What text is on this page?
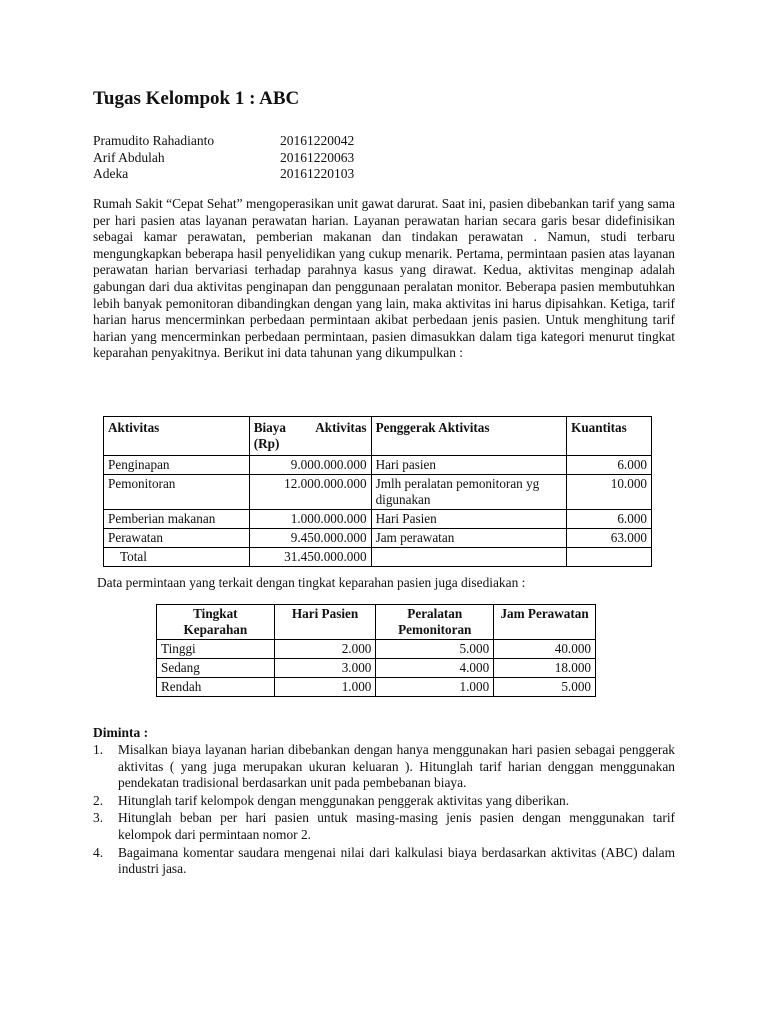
Tugas Kelompok 1 : ABC
Pramudito Rahadianto	20161220042
Arif Abdulah	20161220063
Adeka	20161220103

Rumah Sakit “Cepat Sehat” mengoperasikan unit gawat darurat. Saat ini, pasien dibebankan tarif yang sama per hari pasien atas layanan perawatan harian. Layanan perawatan harian secara garis besar didefinisikan sebagai kamar perawatan, pemberian makanan dan tindakan perawatan . Namun, studi terbaru mengungkapkan beberapa hasil penyelidikan yang cukup menarik. Pertama, permintaan pasien atas layanan perawatan harian bervariasi terhadap parahnya kasus yang dirawat. Kedua, aktivitas menginap adalah gabungan dari dua aktivitas penginapan dan penggunaan peralatan monitor. Beberapa pasien membutuhkan lebih banyak pemonitoran dibandingkan dengan yang lain, maka aktivitas ini harus dipisahkan. Ketiga, tarif harian harus mencerminkan perbedaan permintaan akibat perbedaan jenis pasien. Untuk menghitung tarif harian yang mencerminkan perbedaan permintaan, pasien dimasukkan dalam tiga kategori menurut tingkat keparahan penyakitnya. Berikut ini data tahunan yang dikumpulkan :

Aktivitas	Biaya Aktivitas (Rp)	Penggerak Aktivitas	Kuantitas
Penginapan	9.000.000.000	Hari pasien	6.000
Pemonitoran	12.000.000.000	Jmlh peralatan pemonitoran yg digunakan	10.000
Pemberian makanan	1.000.000.000	Hari Pasien	6.000
Perawatan	9.450.000.000	Jam perawatan	63.000
Total	31.450.000.000		
Data permintaan yang terkait dengan tingkat keparahan pasien juga disediakan :
Tingkat Keparahan	Hari Pasien	Peralatan Pemonitoran	Jam Perawatan
Tinggi	2.000	5.000	40.000
Sedang	3.000	4.000	18.000
Rendah	1.000	1.000	5.000
Diminta :
1.	Misalkan biaya layanan harian dibebankan dengan hanya menggunakan hari pasien sebagai penggerak aktivitas ( yang juga merupakan ukuran keluaran ). Hitunglah tarif harian denggan menggunakan pendekatan tradisional berdasarkan unit pada pembebanan biaya.
2.	Hitunglah tarif kelompok dengan menggunakan penggerak aktivitas yang diberikan.
3.	Hitunglah beban per hari pasien untuk masing-masing jenis pasien dengan menggunakan tarif kelompok dari permintaan nomor 2.
4.	Bagaimana komentar saudara mengenai nilai dari kalkulasi biaya berdasarkan aktivitas (ABC) dalam industri jasa.
